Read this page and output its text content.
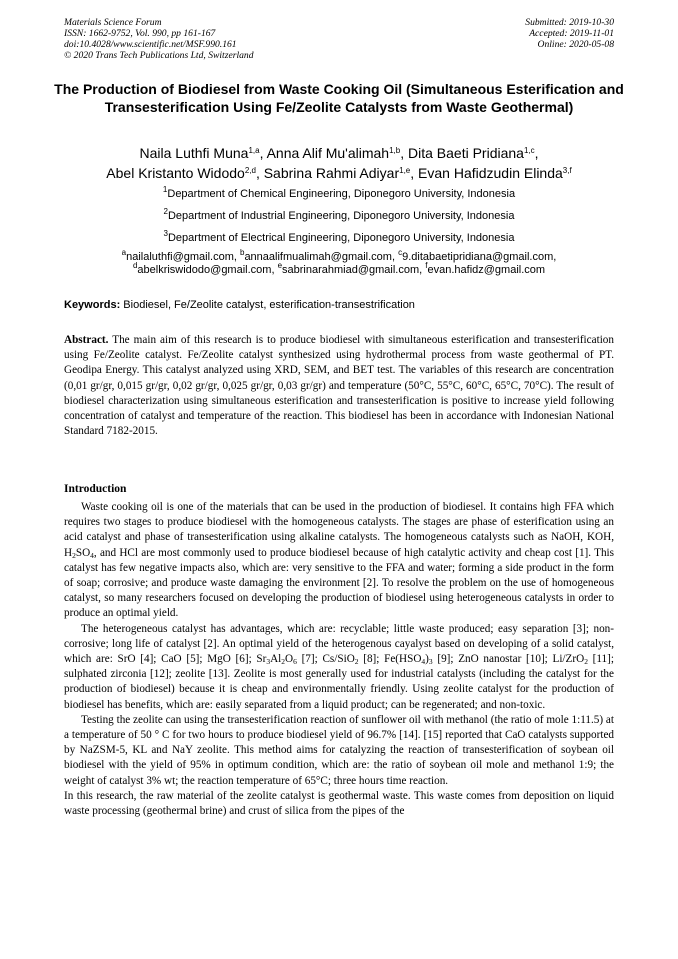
Materials Science Forum
ISSN: 1662-9752, Vol. 990, pp 161-167
doi:10.4028/www.scientific.net/MSF.990.161
© 2020 Trans Tech Publications Ltd, Switzerland
Submitted: 2019-10-30
Accepted: 2019-11-01
Online: 2020-05-08
The Production of Biodiesel from Waste Cooking Oil (Simultaneous Esterification and Transesterification Using Fe/Zeolite Catalysts from Waste Geothermal)
Naila Luthfi Muna$^{1,a}$, Anna Alif Mu'alimah$^{1,b}$, Dita Baeti Pridiana$^{1,c}$,
Abel Kristanto Widodo$^{2,d}$, Sabrina Rahmi Adiyar$^{1,e}$, Evan Hafidzudin Elinda$^{3,f}$
$^1$Department of Chemical Engineering, Diponegoro University, Indonesia
$^2$Department of Industrial Engineering, Diponegoro University, Indonesia
$^3$Department of Electrical Engineering, Diponegoro University, Indonesia
$^a$nailaluthfi@gmail.com, $^b$annaalifmualimah@gmail.com, $^c$9.ditabaetipridiana@gmail.com,
$^d$abelkriswidodo@gmail.com, $^e$sabrinarahmiad@gmail.com, $^f$evan.hafidz@gmail.com
Keywords: Biodiesel, Fe/Zeolite catalyst, esterification-transestrification

Abstract. The main aim of this research is to produce biodiesel with simultaneous esterification and transesterification using Fe/Zeolite catalyst. Fe/Zeolite catalyst synthesized using hydrothermal process from waste geothermal of PT. Geodipa Energy. This catalyst analyzed using XRD, SEM, and BET test. The variables of this research are concentration (0,01 gr/gr, 0,015 gr/gr, 0,02 gr/gr, 0,025 gr/gr, 0,03 gr/gr) and temperature (50°C, 55°C, 60°C, 65°C, 70°C). The result of biodiesel characterization using simultaneous esterification and transesterification is positive to increase yield following concentration of catalyst and temperature of the reaction. This biodiesel has been in accordance with Indonesian National Standard 7182-2015.

Introduction

Waste cooking oil is one of the materials that can be used in the production of biodiesel. It contains high FFA which requires two stages to produce biodiesel with the homogeneous catalysts. The stages are phase of esterification using an acid catalyst and phase of transesterification using alkaline catalysts. The homogeneous catalysts such as NaOH, KOH, $H_2SO_4$, and HCl are most commonly used to produce biodiesel because of high catalytic activity and cheap cost [1]. This catalyst has few negative impacts also, which are: very sensitive to the FFA and water; forming a side product in the form of soap; corrosive; and produce waste damaging the environment [2]. To resolve the problem on the use of homogeneous catalyst, so many researchers focused on developing the production of biodiesel using heterogeneous catalysts in order to produce an optimal yield.

The heterogeneous catalyst has advantages, which are: recyclable; little waste produced; easy separation [3]; non-corrosive; long life of catalyst [2]. An optimal yield of the heterogenous cayalyst based on developing of a solid catalyst, which are: SrO [4]; CaO [5]; MgO [6]; $Sr_3Al_2O_6$ [7]; Cs/SiO$_2$ [8]; $Fe(HSO_4)_3$ [9]; ZnO nanostar [10]; Li/ZrO$_2$ [11]; sulphated zirconia [12]; zeolite [13]. Zeolite is most generally used for industrial catalysts (including the catalyst for the production of biodiesel) because it is cheap and environmentally friendly. Using zeolite catalyst for the production of biodiesel has benefits, which are: easily separated from a liquid product; can be regenerated; and non-toxic.

Testing the zeolite can using the transesterification reaction of sunflower oil with methanol (the ratio of mole 1:11.5) at a temperature of 50 ° C for two hours to produce biodiesel yield of 96.7% [14]. [15] reported that CaO catalysts supported by NaZSM-5, KL and NaY zeolite. This method aims for catalyzing the reaction of transesterification of soybean oil biodiesel with the yield of 95% in optimum condition, which are: the ratio of soybean oil mole and methanol 1:9; the weight of catalyst 3% wt; the reaction temperature of 65°C; three hours time reaction.

In this research, the raw material of the zeolite catalyst is geothermal waste. This waste comes from deposition on liquid waste processing (geothermal brine) and crust of silica from the pipes of the
